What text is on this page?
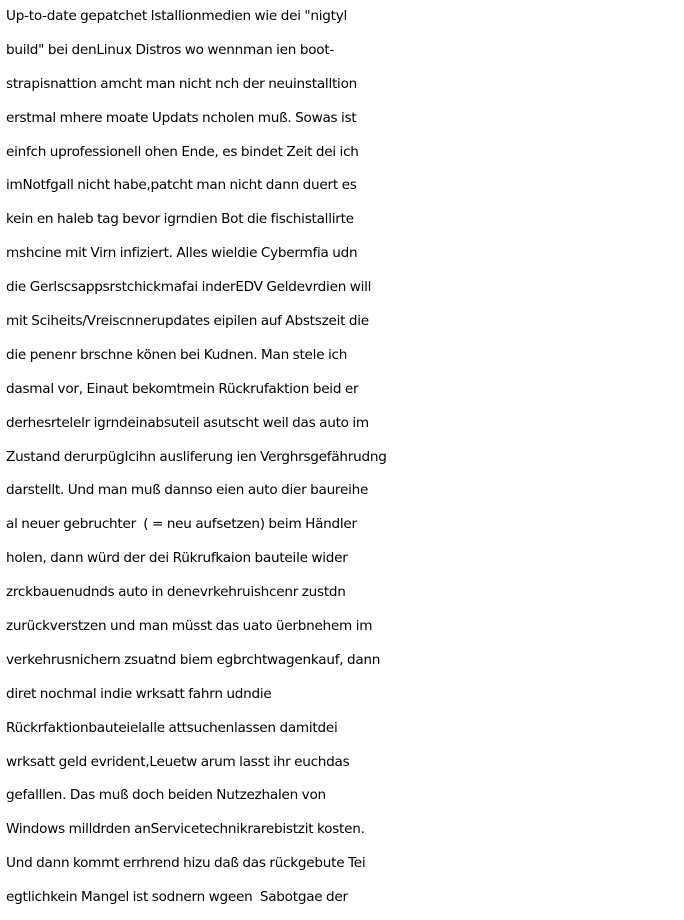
Up-to-date gepatchet Istallionmedien wie dei "nigtyl
build" bei denLinux Distros wo wennman ien boot-
strapisnattion amcht man nicht nch der neuinstalltion
erstmal mhere moate Updats ncholen muß. Sowas ist
einfch uprofessionell ohen Ende, es bindet Zeit dei ich
imNotfgall nicht habe,patcht man nicht dann duert es
kein en haleb tag bevor igrndien Bot die fischistallirte
mshcine mit Virn infiziert. Alles wieldie Cybermfia udn
die Gerlscsappsrstchickmafai inderEDV Geldevrdien will
mit Sciheits/Vreiscnnerupdates eipilen auf Abstszeit die
die penenr brschne könen bei Kudnen. Man stele ich
dasmal vor, Einaut bekomtmein Rückrufaktion beid er
derhesrtelelr igrndeinabsuteil asutscht weil das auto im
Zustand derurpügIcihn ausliferung ien Verghrsgefährudng
darstellt. Und man muß dannso eien auto dier baureihe
al neuer gebruchter  ( = neu aufsetzen) beim Händler
holen, dann würd der dei Rükrufkaion bauteile wider
zrckbauenudnds auto in denevrkehruishcenr zustdn
zurückverstzen und man müsst das uato üerbnehem im
verkehrusnichern zsuatnd biem egbrchtwagenkauf, dann
diret nochmal indie wrksatt fahrn udndie
Rückrfaktionbauteielalle attsuchenlassen damitdei
wrksatt geld evrident,Leuetw arum lasst ihr euchdas
gefalllen. Das muß doch beiden Nutzezhalen von
Windows milldrden anServicetechnikrarebistzit kosten.
Und dann kommt errhrend hizu daß das rückgebute Tei
egtlichkein Mangel ist sodnern wgeen  Sabotgae der
